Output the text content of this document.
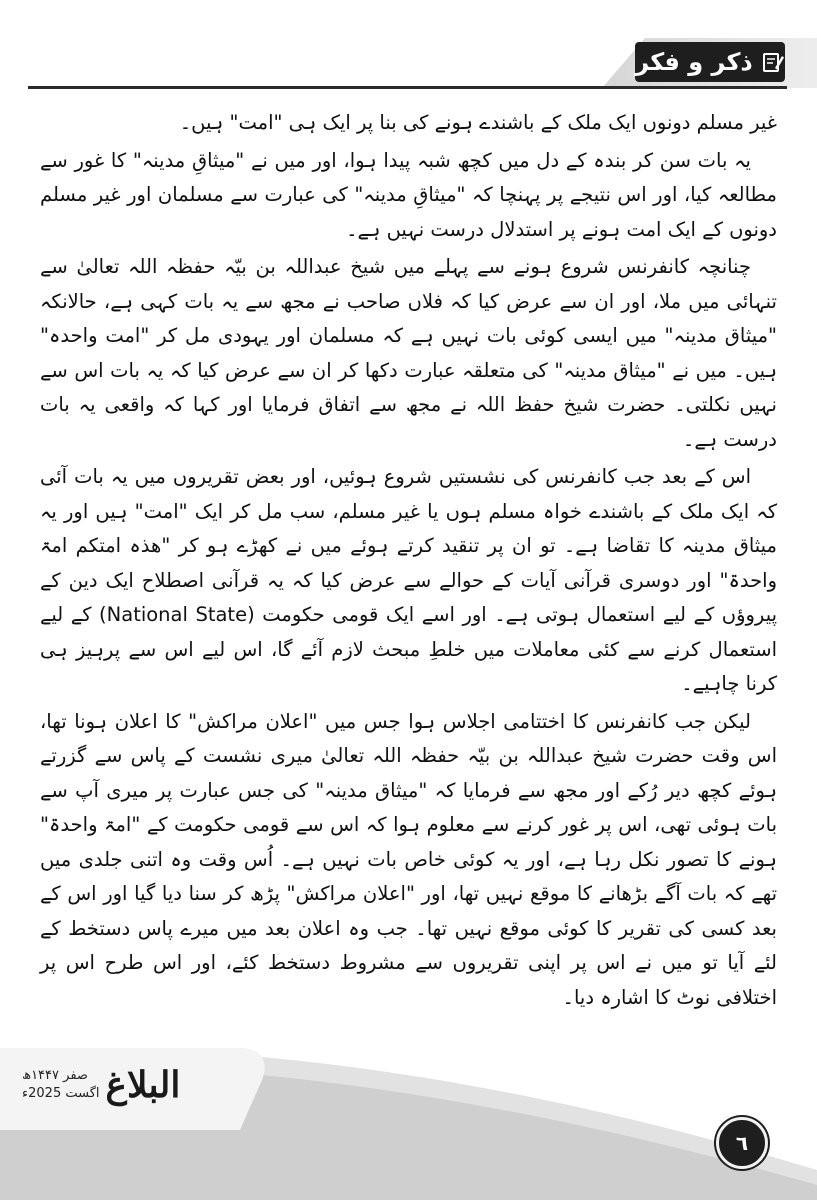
ذکر و فکر

غیر مسلم دونوں ایک ملک کے باشندے ہونے کی بنا پر ایک ہی "امت" ہیں۔

یہ بات سن کر بندہ کے دل میں کچھ شبہ پیدا ہوا، اور میں نے "میثاقِ مدینہ" کا غور سے مطالعہ کیا، اور اس نتیجے پر پہنچا کہ "میثاقِ مدینہ" کی عبارت سے مسلمان اور غیر مسلم دونوں کے ایک امت ہونے پر استدلال درست نہیں ہے۔

چنانچہ کانفرنس شروع ہونے سے پہلے میں شیخ عبداللہ بن بیّہ حفظہ اللہ تعالیٰ سے تنہائی میں ملا، اور ان سے عرض کیا کہ فلاں صاحب نے مجھ سے یہ بات کہی ہے، حالانکہ "میثاق مدینہ" میں ایسی کوئی بات نہیں ہے کہ مسلمان اور یہودی مل کر "امت واحدہ" ہیں۔ میں نے "میثاق مدینہ" کی متعلقہ عبارت دکھا کر ان سے عرض کیا کہ یہ بات اس سے نہیں نکلتی۔ حضرت شیخ حفظ اللہ نے مجھ سے اتفاق فرمایا اور کہا کہ واقعی یہ بات درست ہے۔

اس کے بعد جب کانفرنس کی نشستیں شروع ہوئیں، اور بعض تقریروں میں یہ بات آئی کہ ایک ملک کے باشندے خواہ مسلم ہوں یا غیر مسلم، سب مل کر ایک "امت" ہیں اور یہ میثاق مدینہ کا تقاضا ہے۔ تو ان پر تنقید کرتے ہوئے میں نے کھڑے ہو کر "ھذہ امتکم امۃ واحدۃ" اور دوسری قرآنی آیات کے حوالے سے عرض کیا کہ یہ قرآنی اصطلاح ایک دین کے پیروؤں کے لیے استعمال ہوتی ہے۔ اور اسے ایک قومی حکومت (National State) کے لیے استعمال کرنے سے کئی معاملات میں خلطِ مبحث لازم آئے گا، اس لیے اس سے پرہیز ہی کرنا چاہیے۔

لیکن جب کانفرنس کا اختتامی اجلاس ہوا جس میں "اعلان مراکش" کا اعلان ہونا تھا، اس وقت حضرت شیخ عبداللہ بن بیّہ حفظہ اللہ تعالیٰ میری نشست کے پاس سے گزرتے ہوئے کچھ دیر رُکے اور مجھ سے فرمایا کہ "میثاق مدینہ" کی جس عبارت پر میری آپ سے بات ہوئی تھی، اس پر غور کرنے سے معلوم ہوا کہ اس سے قومی حکومت کے "امۃ واحدۃ" ہونے کا تصور نکل رہا ہے، اور یہ کوئی خاص بات نہیں ہے۔ اُس وقت وہ اتنی جلدی میں تھے کہ بات آگے بڑھانے کا موقع نہیں تھا، اور "اعلان مراکش" پڑھ کر سنا دیا گیا اور اس کے بعد کسی کی تقریر کا کوئی موقع نہیں تھا۔ جب وہ اعلان بعد میں میرے پاس دستخط کے لئے آیا تو میں نے اس پر اپنی تقریروں سے مشروط دستخط کئے، اور اس طرح اس پر اختلافی نوٹ کا اشارہ دیا۔

صفر ۱۴۴۷ھ
اگست 2025ء	البلاغ
٦
